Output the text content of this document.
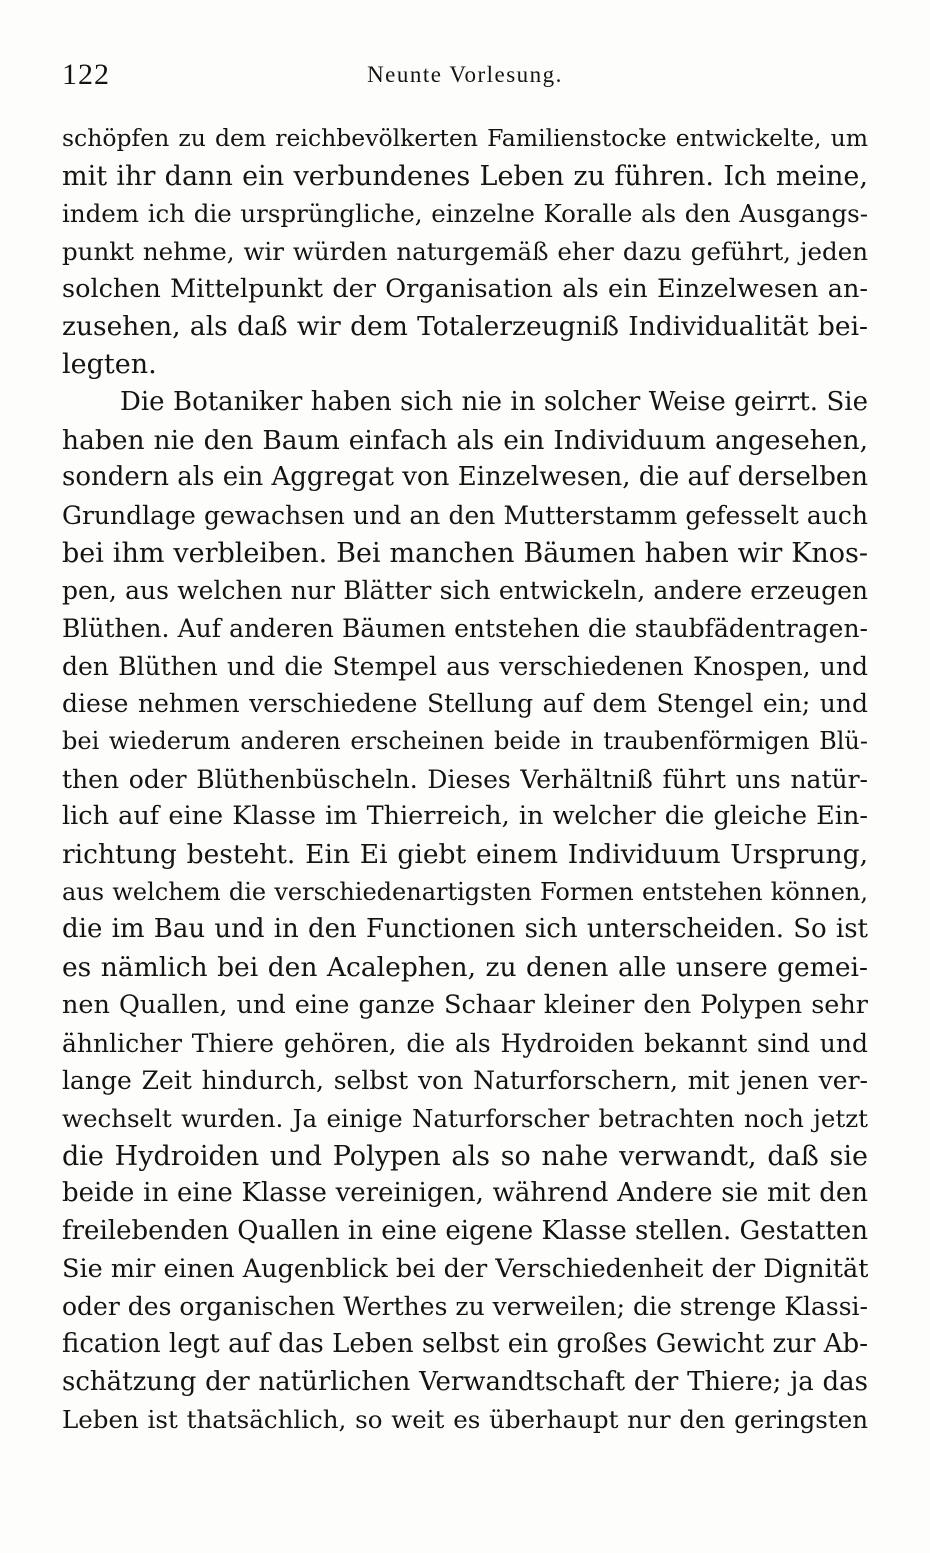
122	Neunte Vorlesung.
schöpfen zu dem reichbevölkerten Familienstocke entwickelte, um
mit ihr dann ein verbundenes Leben zu führen. Ich meine,
indem ich die ursprüngliche, einzelne Koralle als den Ausgangs-
punkt nehme, wir würden naturgemäß eher dazu geführt, jeden
solchen Mittelpunkt der Organisation als ein Einzelwesen an-
zusehen, als daß wir dem Totalerzeugniß Individualität bei-
legten.
Die Botaniker haben sich nie in solcher Weise geirrt. Sie
haben nie den Baum einfach als ein Individuum angesehen,
sondern als ein Aggregat von Einzelwesen, die auf derselben
Grundlage gewachsen und an den Mutterstamm gefesselt auch
bei ihm verbleiben. Bei manchen Bäumen haben wir Knos-
pen, aus welchen nur Blätter sich entwickeln, andere erzeugen
Blüthen. Auf anderen Bäumen entstehen die staubfädentragen-
den Blüthen und die Stempel aus verschiedenen Knospen, und
diese nehmen verschiedene Stellung auf dem Stengel ein; und
bei wiederum anderen erscheinen beide in traubenförmigen Blü-
then oder Blüthenbüscheln. Dieses Verhältniß führt uns natür-
lich auf eine Klasse im Thierreich, in welcher die gleiche Ein-
richtung besteht. Ein Ei giebt einem Individuum Ursprung,
aus welchem die verschiedenartigsten Formen entstehen können,
die im Bau und in den Functionen sich unterscheiden. So ist
es nämlich bei den Acalephen, zu denen alle unsere gemei-
nen Quallen, und eine ganze Schaar kleiner den Polypen sehr
ähnlicher Thiere gehören, die als Hydroiden bekannt sind und
lange Zeit hindurch, selbst von Naturforschern, mit jenen ver-
wechselt wurden. Ja einige Naturforscher betrachten noch jetzt
die Hydroiden und Polypen als so nahe verwandt, daß sie
beide in eine Klasse vereinigen, während Andere sie mit den
freilebenden Quallen in eine eigene Klasse stellen. Gestatten
Sie mir einen Augenblick bei der Verschiedenheit der Dignität
oder des organischen Werthes zu verweilen; die strenge Klassi-
fication legt auf das Leben selbst ein großes Gewicht zur Ab-
schätzung der natürlichen Verwandtschaft der Thiere; ja das
Leben ist thatsächlich, so weit es überhaupt nur den geringsten
